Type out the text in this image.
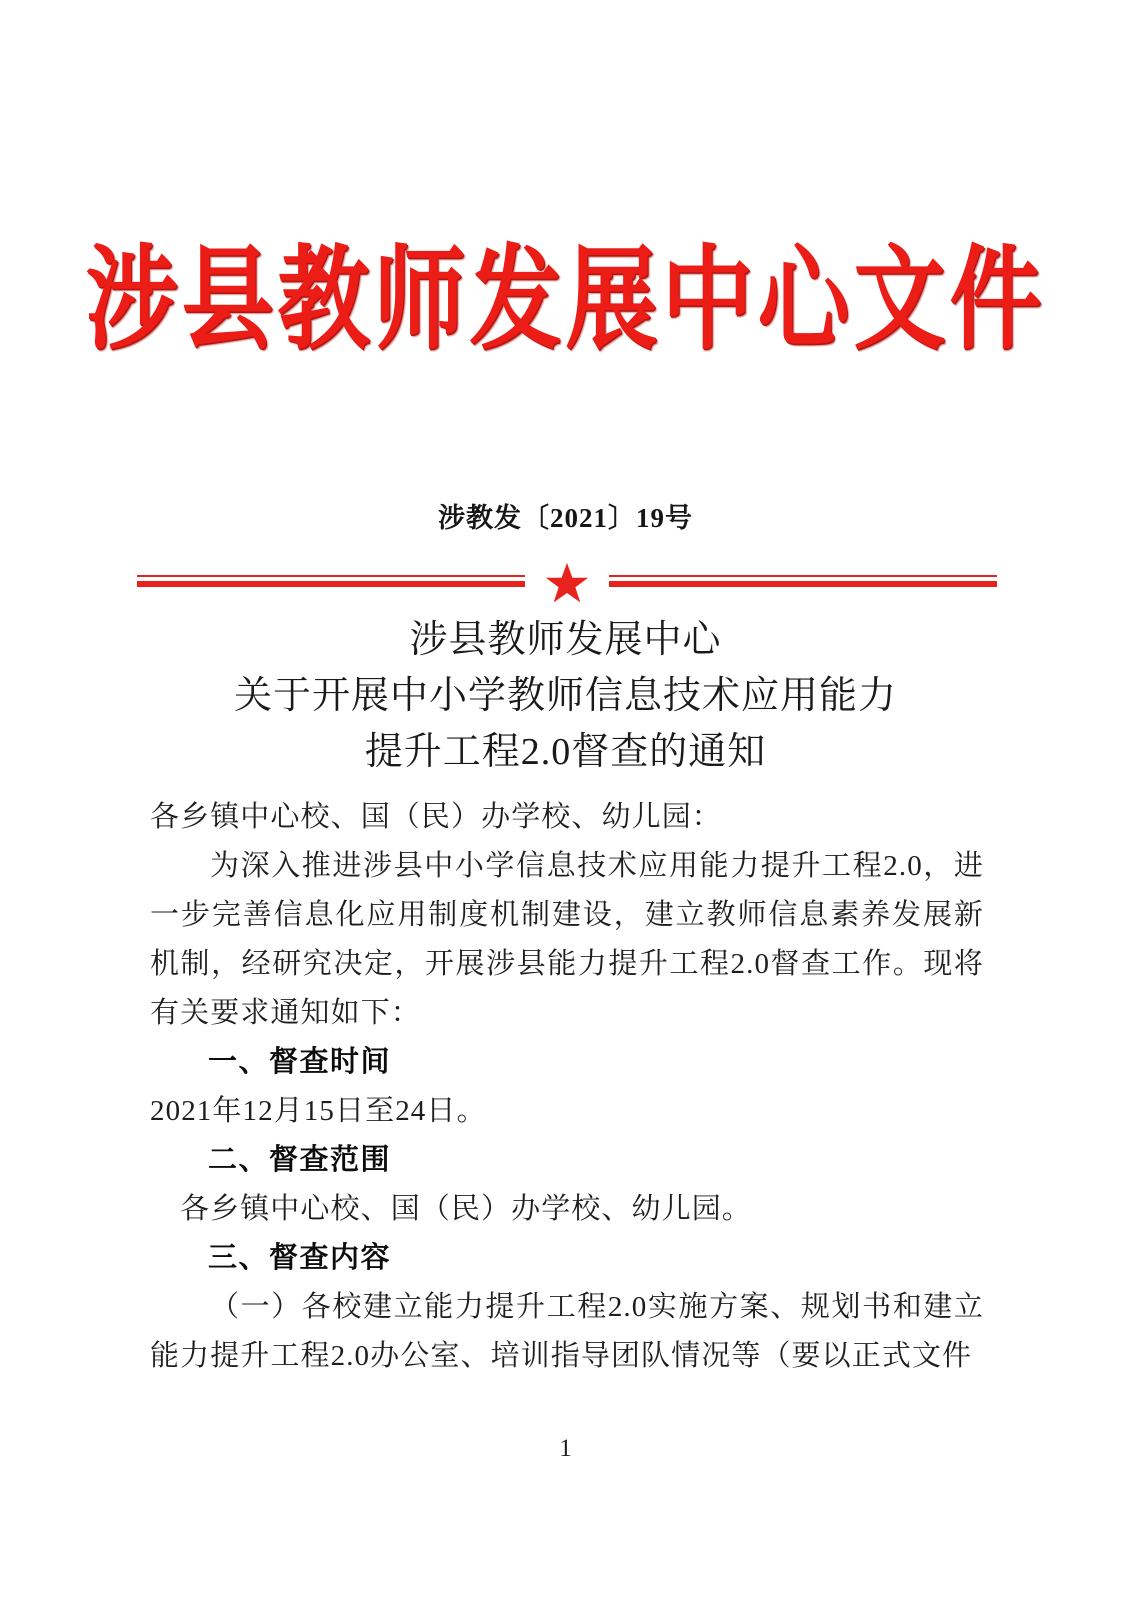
涉县教师发展中心文件
涉教发〔2021〕19号
涉县教师发展中心
关于开展中小学教师信息技术应用能力
提升工程2.0督查的通知

各乡镇中心校、国（民）办学校、幼儿园：

为深入推进涉县中小学信息技术应用能力提升工程2.0，进一步完善信息化应用制度机制建设，建立教师信息素养发展新机制，经研究决定，开展涉县能力提升工程2.0督查工作。现将有关要求通知如下：

一、督查时间

2021年12月15日至24日。

二、督查范围

各乡镇中心校、国（民）办学校、幼儿园。

三、督查内容

（一）各校建立能力提升工程2.0实施方案、规划书和建立能力提升工程2.0办公室、培训指导团队情况等（要以正式文件

1
